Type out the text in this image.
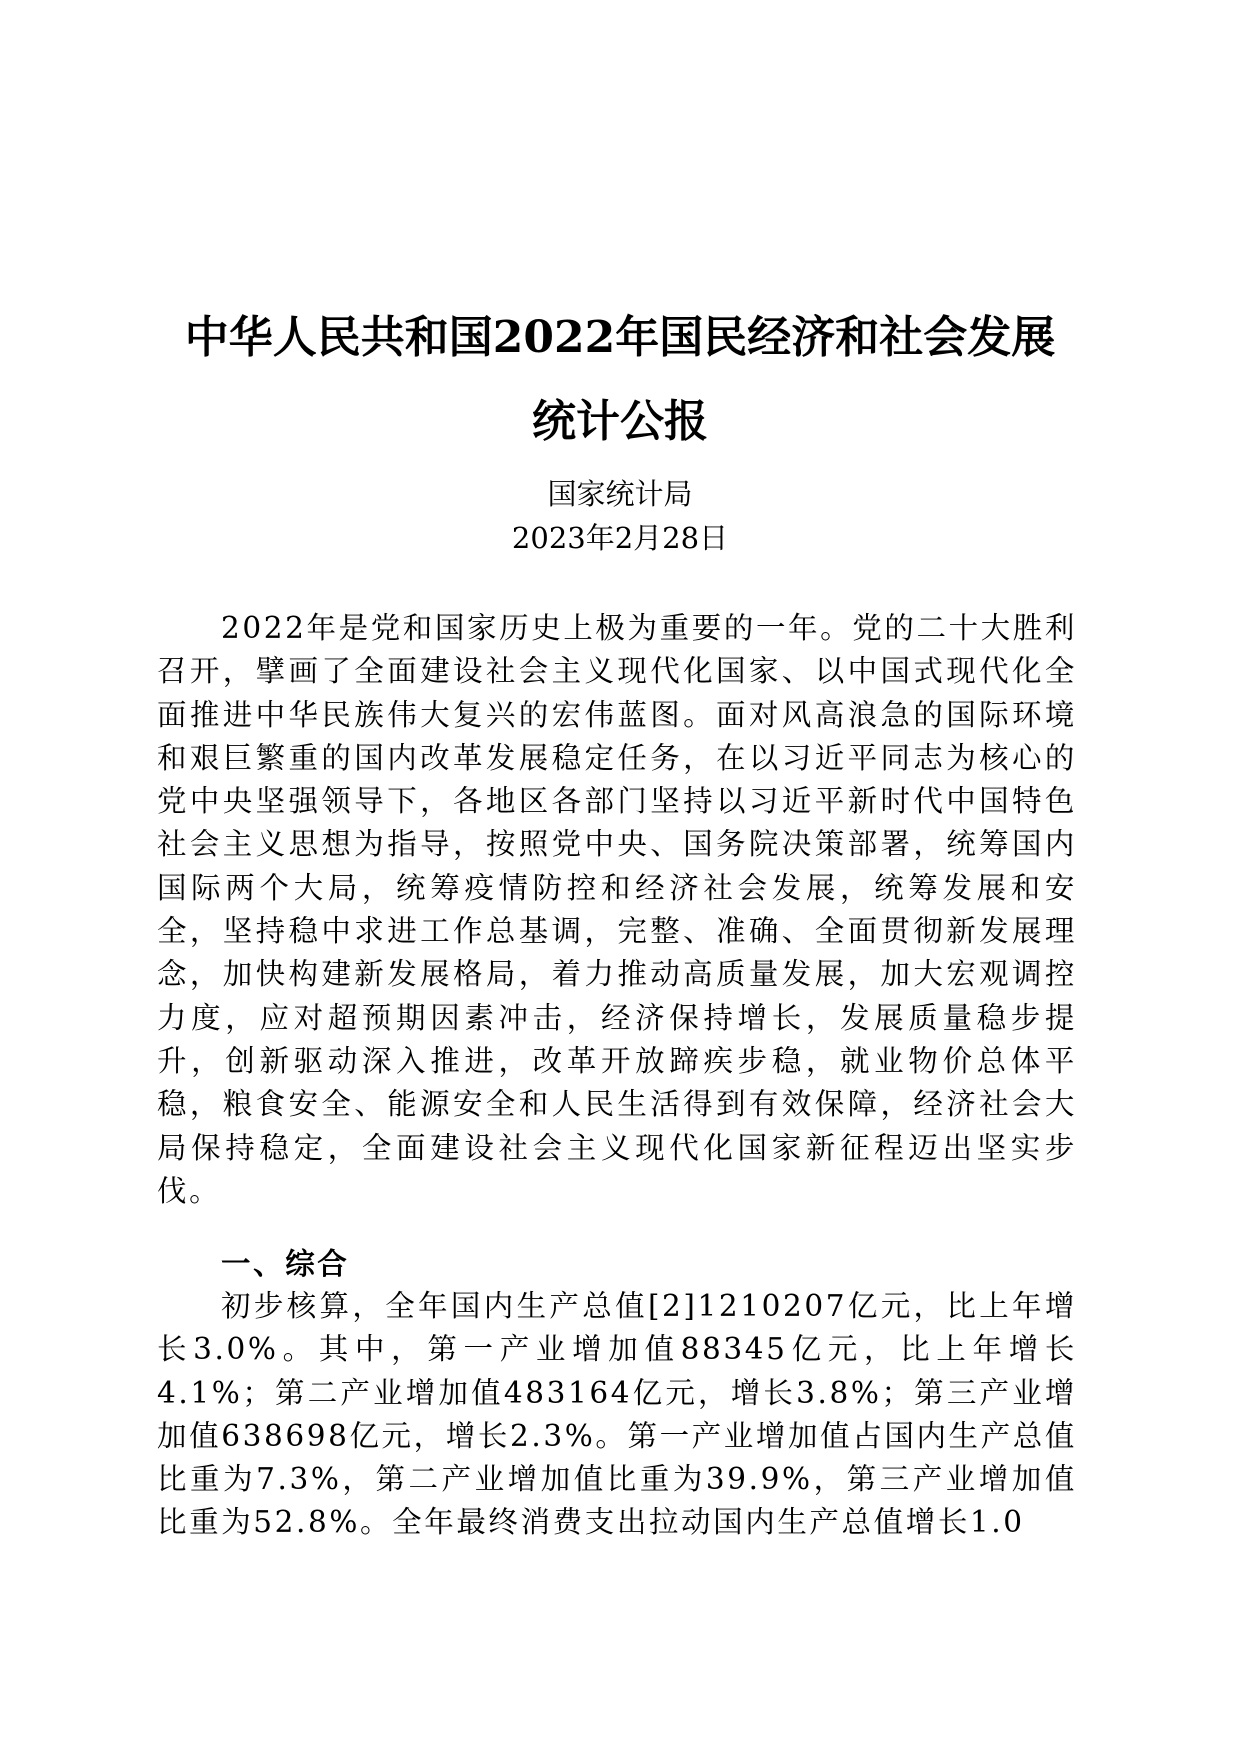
中华人民共和国2022年国民经济和社会发展
统计公报

国家统计局

2023年2月28日

2022年是党和国家历史上极为重要的一年。党的二十大胜利召开，擘画了全面建设社会主义现代化国家、以中国式现代化全面推进中华民族伟大复兴的宏伟蓝图。面对风高浪急的国际环境和艰巨繁重的国内改革发展稳定任务，在以习近平同志为核心的党中央坚强领导下，各地区各部门坚持以习近平新时代中国特色社会主义思想为指导，按照党中央、国务院决策部署，统筹国内国际两个大局，统筹疫情防控和经济社会发展，统筹发展和安全，坚持稳中求进工作总基调，完整、准确、全面贯彻新发展理念，加快构建新发展格局，着力推动高质量发展，加大宏观调控力度，应对超预期因素冲击，经济保持增长，发展质量稳步提升，创新驱动深入推进，改革开放蹄疾步稳，就业物价总体平稳，粮食安全、能源安全和人民生活得到有效保障，经济社会大局保持稳定，全面建设社会主义现代化国家新征程迈出坚实步伐。

一、综合

初步核算，全年国内生产总值[2]1210207亿元，比上年增长3.0%。其中，第一产业增加值88345亿元，比上年增长4.1%；第二产业增加值483164亿元，增长3.8%；第三产业增加值638698亿元，增长2.3%。第一产业增加值占国内生产总值比重为7.3%，第二产业增加值比重为39.9%，第三产业增加值比重为52.8%。全年最终消费支出拉动国内生产总值增长1.0
